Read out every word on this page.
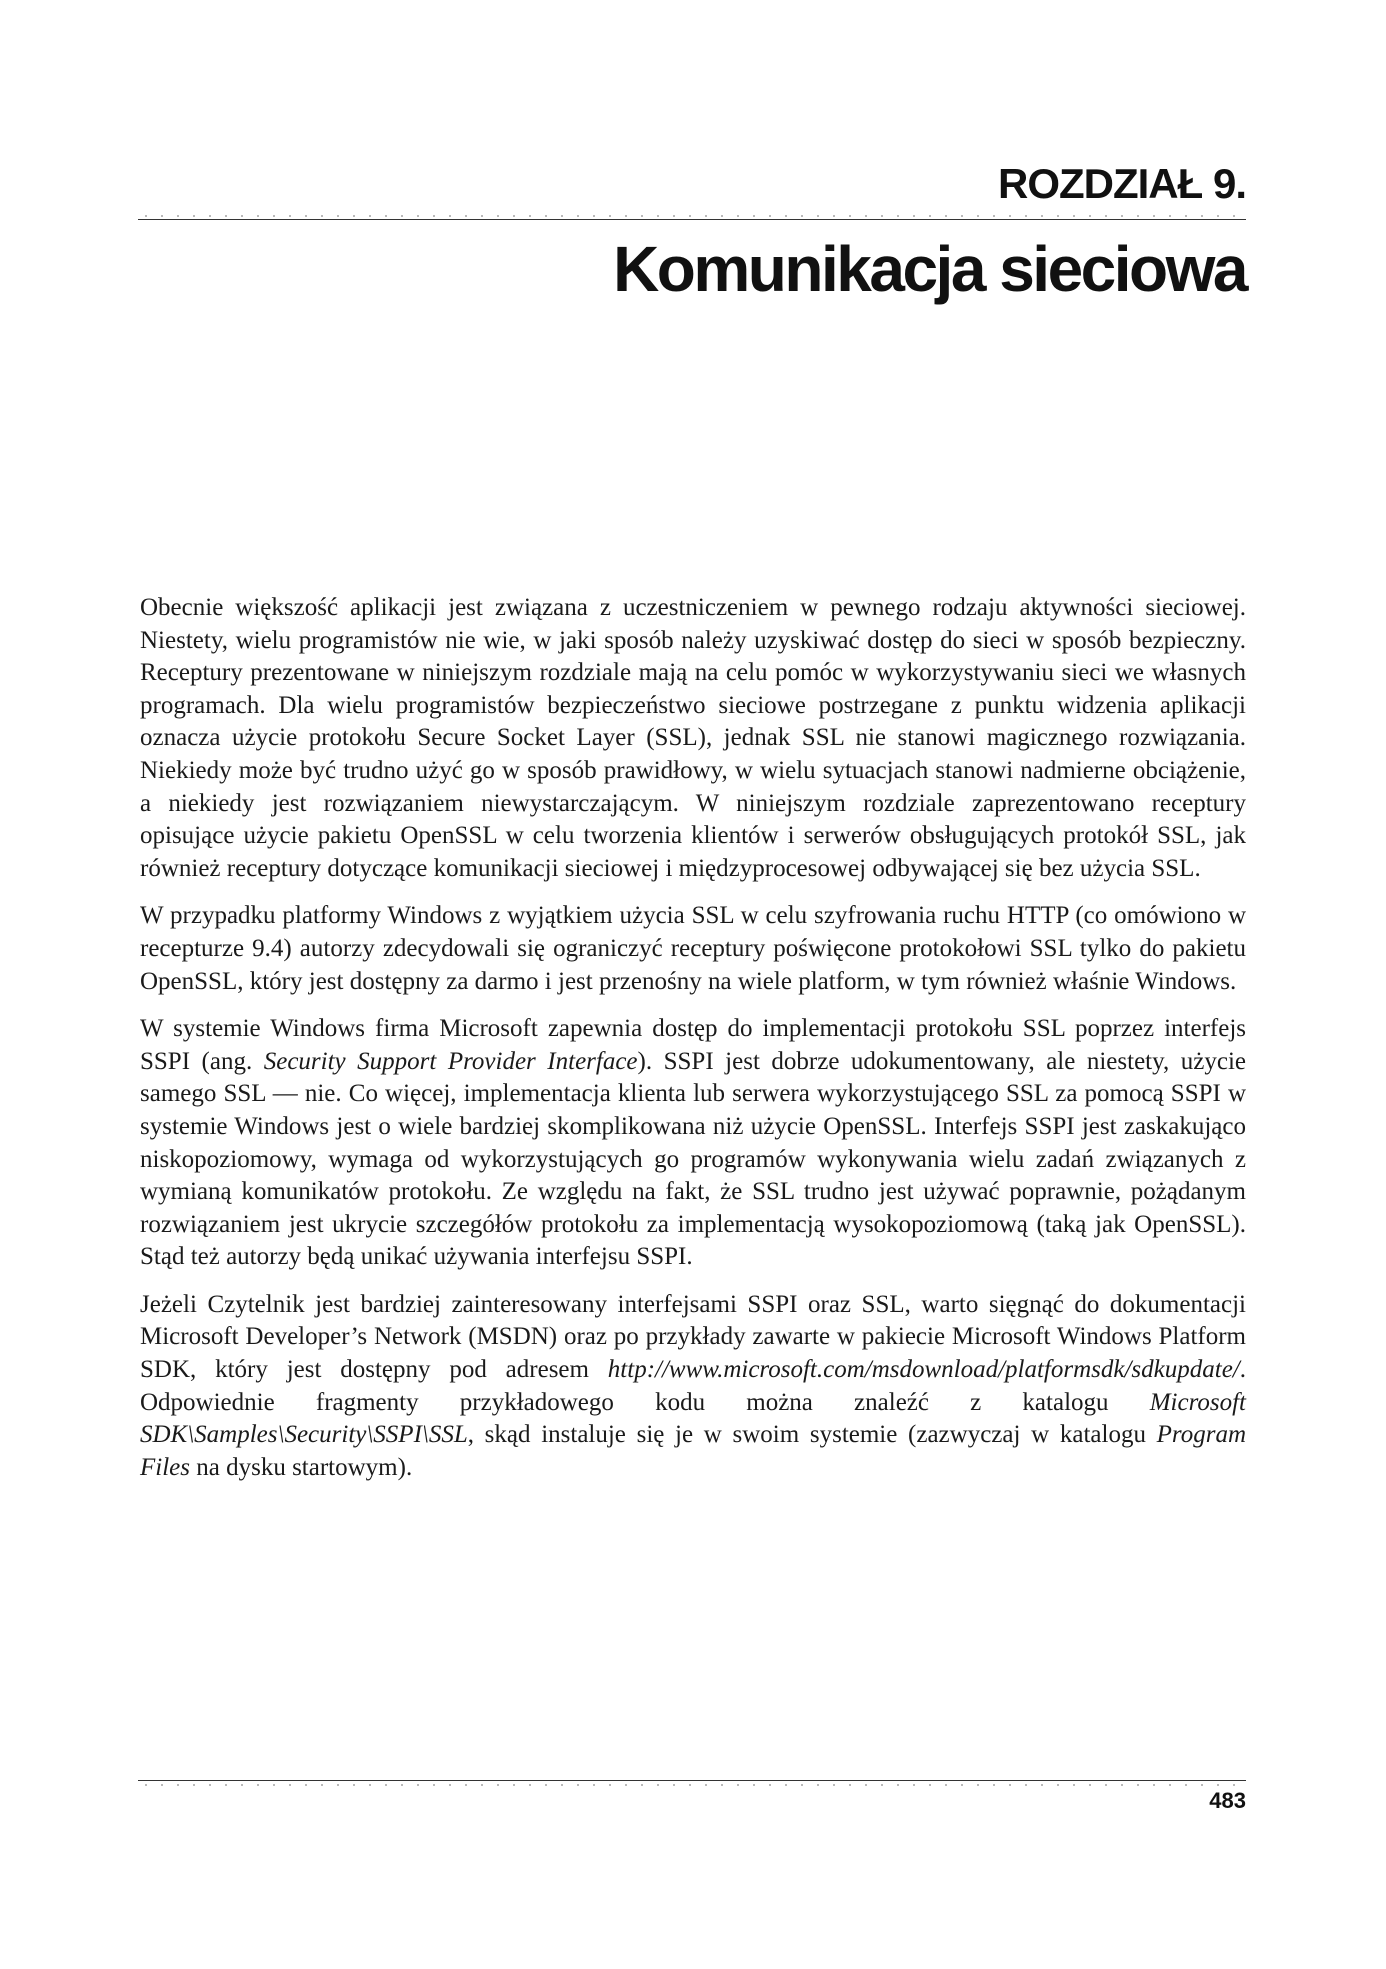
ROZDZIAŁ 9.
Komunikacja sieciowa

Obecnie większość aplikacji jest związana z uczestniczeniem w pewnego rodzaju aktywności sieciowej. Niestety, wielu programistów nie wie, w jaki sposób należy uzyskiwać dostęp do sieci w sposób bezpieczny. Receptury prezentowane w niniejszym rozdziale mają na celu pomóc w wykorzystywaniu sieci we własnych programach. Dla wielu programistów bezpieczeństwo sieciowe postrzegane z punktu widzenia aplikacji oznacza użycie protokołu Secure Socket Layer (SSL), jednak SSL nie stanowi magicznego rozwiązania. Niekiedy może być trudno użyć go w sposób prawidłowy, w wielu sytuacjach stanowi nadmierne obciążenie, a niekiedy jest rozwiązaniem niewystarczającym. W niniejszym rozdziale zaprezentowano receptury opisujące użycie pakietu OpenSSL w celu tworzenia klientów i serwerów obsługujących protokół SSL, jak również receptury dotyczące komunikacji sieciowej i międzyprocesowej odbywającej się bez użycia SSL.

W przypadku platformy Windows z wyjątkiem użycia SSL w celu szyfrowania ruchu HTTP (co omówiono w recepturze 9.4) autorzy zdecydowali się ograniczyć receptury poświęcone protokołowi SSL tylko do pakietu OpenSSL, który jest dostępny za darmo i jest przenośny na wiele platform, w tym również właśnie Windows.

W systemie Windows firma Microsoft zapewnia dostęp do implementacji protokołu SSL poprzez interfejs SSPI (ang. Security Support Provider Interface). SSPI jest dobrze udokumentowany, ale niestety, użycie samego SSL — nie. Co więcej, implementacja klienta lub serwera wykorzystującego SSL za pomocą SSPI w systemie Windows jest o wiele bardziej skomplikowana niż użycie OpenSSL. Interfejs SSPI jest zaskakująco niskopoziomowy, wymaga od wykorzystujących go programów wykonywania wielu zadań związanych z wymianą komunikatów protokołu. Ze względu na fakt, że SSL trudno jest używać poprawnie, pożądanym rozwiązaniem jest ukrycie szczegółów protokołu za implementacją wysokopoziomową (taką jak OpenSSL). Stąd też autorzy będą unikać używania interfejsu SSPI.

Jeżeli Czytelnik jest bardziej zainteresowany interfejsami SSPI oraz SSL, warto sięgnąć do dokumentacji Microsoft Developer’s Network (MSDN) oraz po przykłady zawarte w pakiecie Microsoft Windows Platform SDK, który jest dostępny pod adresem http://www.microsoft.com/msdownload/platformsdk/sdkupdate/. Odpowiednie fragmenty przykładowego kodu można znaleźć z katalogu Microsoft SDK\Samples\Security\SSPI\SSL, skąd instaluje się je w swoim systemie (zazwyczaj w katalogu Program Files na dysku startowym).

483
